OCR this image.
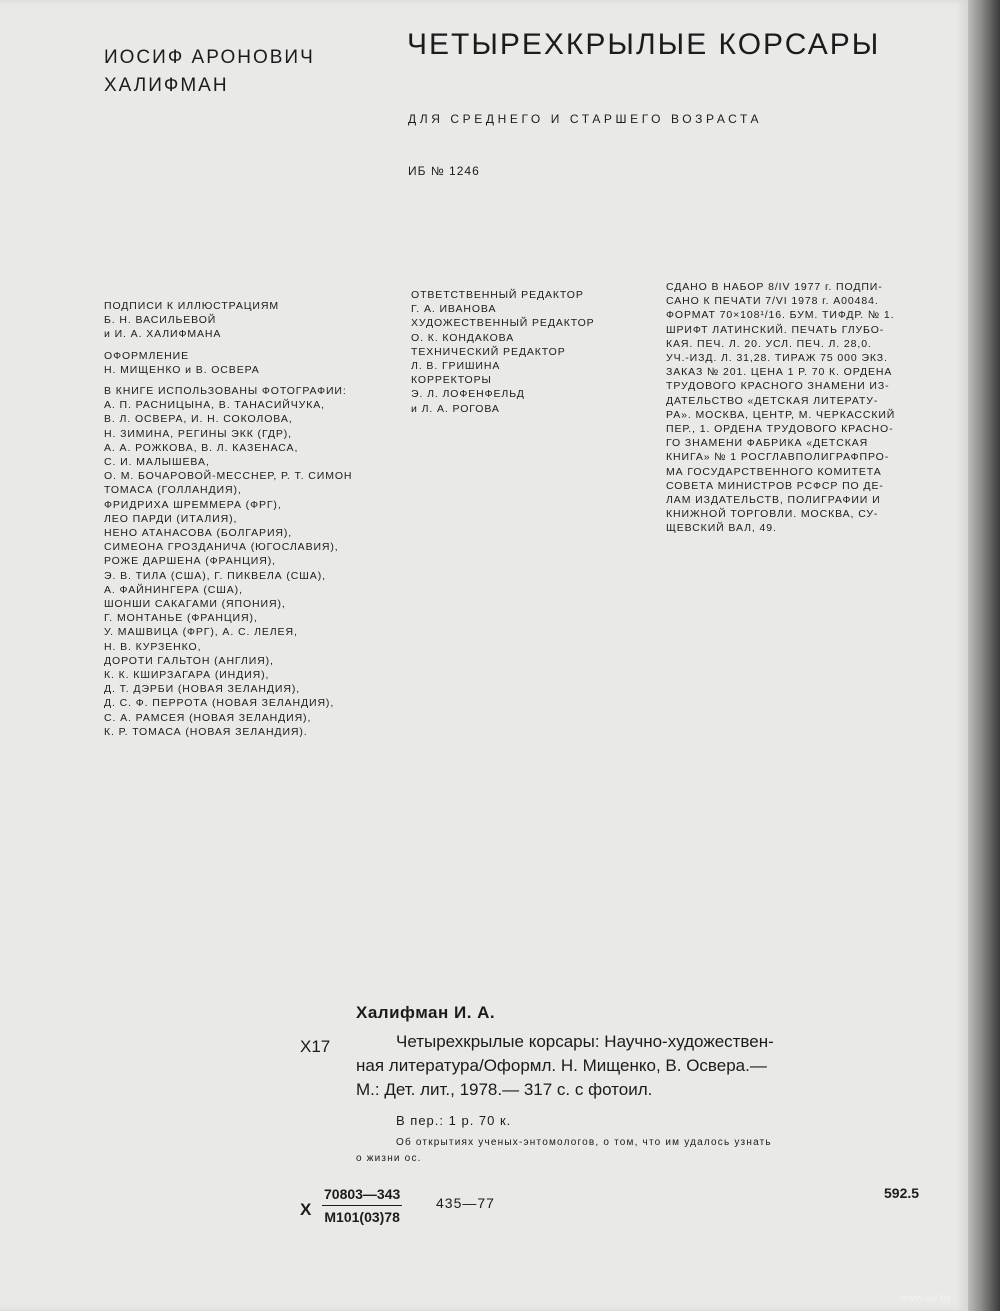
ИОСИФ АРОНОВИЧ
ХАЛИФМАН
ЧЕТЫРЕХКРЫЛЫЕ КОРСАРЫ
ДЛЯ СРЕДНЕГО И СТАРШЕГО ВОЗРАСТА
ИБ № 1246
ПОДПИСИ К ИЛЛЮСТРАЦИЯМ
Б. Н. ВАСИЛЬЕВОЙ
и И. А. ХАЛИФМАНА
ОФОРМЛЕНИЕ
Н. МИЩЕНКО и В. ОСВЕРА
В КНИГЕ ИСПОЛЬЗОВАНЫ ФОТОГРАФИИ:
А. П. РАСНИЦЫНА, В. ТАНАСИЙЧУКА,
В. Л. ОСВЕРА, И. Н. СОКОЛОВА,
Н. ЗИМИНА, РЕГИНЫ ЭКК (ГДР),
А. А. РОЖКОВА, В. Л. КАЗЕНАСА,
С. И. МАЛЫШЕВА,
О. М. БОЧАРОВОЙ-МЕССНЕР, Р. Т. СИМОН
ТОМАСА (ГОЛЛАНДИЯ),
ФРИДРИХА ШРЕММЕРА (ФРГ),
ЛЕО ПАРДИ (ИТАЛИЯ),
НЕНО АТАНАСОВА (БОЛГАРИЯ),
СИМЕОНА ГРОЗДАНИЧА (ЮГОСЛАВИЯ),
РОЖЕ ДАРШЕНА (ФРАНЦИЯ),
Э. В. ТИЛА (США), Г. ПИКВЕЛА (США),
А. ФАЙНИНГЕРА (США),
ШОНШИ САКАГАМИ (ЯПОНИЯ),
Г. МОНТАНЬЕ (ФРАНЦИЯ),
У. МАШВИЦА (ФРГ), А. С. ЛЕЛЕЯ,
Н. В. КУРЗЕНКО,
ДОРОТИ ГАЛЬТОН (АНГЛИЯ),
К. К. КШИРЗАГАРА (ИНДИЯ),
Д. Т. ДЭРБИ (НОВАЯ ЗЕЛАНДИЯ),
Д. С. Ф. ПЕРРОТА (НОВАЯ ЗЕЛАНДИЯ),
С. А. РАМСЕЯ (НОВАЯ ЗЕЛАНДИЯ),
К. Р. ТОМАСА (НОВАЯ ЗЕЛАНДИЯ).
ОТВЕТСТВЕННЫЙ РЕДАКТОР
Г. А. ИВАНОВА
ХУДОЖЕСТВЕННЫЙ РЕДАКТОР
О. К. КОНДАКОВА
ТЕХНИЧЕСКИЙ РЕДАКТОР
Л. В. ГРИШИНА
КОРРЕКТОРЫ
Э. Л. ЛОФЕНФЕЛЬД
и Л. А. РОГОВА
СДАНО В НАБОР 8/IV 1977 г. ПОДПИ-
САНО К ПЕЧАТИ 7/VI 1978 г. А00484.
ФОРМАТ 70×108¹/16. БУМ. ТИФДР. № 1.
ШРИФТ ЛАТИНСКИЙ. ПЕЧАТЬ ГЛУБО-
КАЯ. ПЕЧ. Л. 20. УСЛ. ПЕЧ. Л. 28,0.
УЧ.-ИЗД. Л. 31,28. ТИРАЖ 75 000 ЭКЗ.
ЗАКАЗ № 201. ЦЕНА 1 Р. 70 К. ОРДЕНА
ТРУДОВОГО КРАСНОГО ЗНАМЕНИ ИЗ-
ДАТЕЛЬСТВО «ДЕТСКАЯ ЛИТЕРАТУ-
РА». МОСКВА, ЦЕНТР, М. ЧЕРКАССКИЙ
ПЕР., 1. ОРДЕНА ТРУДОВОГО КРАСНО-
ГО ЗНАМЕНИ ФАБРИКА «ДЕТСКАЯ
КНИГА» № 1 РОСГЛАВПОЛИГРАФПРО-
МА ГОСУДАРСТВЕННОГО КОМИТЕТА
СОВЕТА МИНИСТРОВ РСФСР ПО ДЕ-
ЛАМ ИЗДАТЕЛЬСТВ, ПОЛИГРАФИИ И
КНИЖНОЙ ТОРГОВЛИ. МОСКВА, СУ-
ЩЕВСКИЙ ВАЛ, 49.
Халифман И. А.
Х17	Четырехкрылые корсары: Научно-художествен-
ная литература/Оформл. Н. Мищенко, В. Освера.—
М.: Дет. лит., 1978.— 317 с. с фотоил.
В пер.: 1 р. 70 к.
Об открытиях ученых-энтомологов, о том, что им удалось узнать
о жизни ос.
Х
70803—343
М101(03)78
435—77
592.5
www.ay.by
